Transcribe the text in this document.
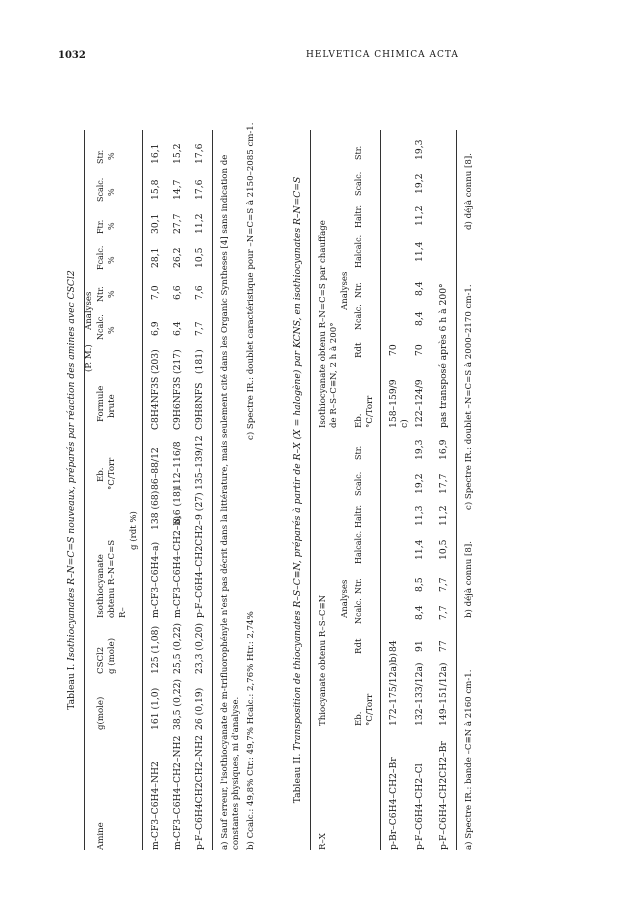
1032	HELVETICA CHIMICA ACTA
Tableau I. Isothiocyanates R–N=C=S nouveaux, préparés par réaction des amines avec CSCl2
Amine
g(mole)
CSCl2 g (mole)
Isothiocyanate obtenu R–N=C=S R–
g (rdt %)
Eb. °C/Torr
Formule brute
(P. M.)
Analyses Ncalc.
Ntr.
Fcalc.
Ftr.
Scalc.
Str.
%
%
%
%
%
%
m-CF3–C6H4–NH2
161 (1,0)
125 (1,08)
m-CF3–C6H4–a)
138 (68)
86–88/12
C8H4NF3S
(203)
6,9
7,0
28,1
30,1
15,8
16,1
m-CF3–C6H4–CH2–NH2
38,5 (0,22)
25,5 (0,22)
m-CF3–C6H4–CH2–b)
8,6 (18)
112–116/8
C9H6NF3S
(217)
6,4
6,6
26,2
27,7
14,7
15,2
p-F–C6H4CH2CH2–NH2
26 (0,19)
23,3 (0,20)
p-F–C6H4–CH2CH2–
9 (27)
135–139/12
C9H8NFS
(181)
7,7
7,6
10,5
11,2
17,6
17,6
a) Sauf erreur, l'isothiocyanate de m-trifluorophényle n'est pas décrit dans la littérature, mais seulement cité dans les Organic Syntheses [4] sans indication de constantes physiques, ni d'analyse. b) Ccalc.: 49,8% Ctr.: 49,7% Hcalc.: 2,76% Htr.: 2,74%
c) Spectre IR.: doublet caractéristique pour –N=C=S à 2150–2085 cm-1.
Tableau II. Transposition de thiocyanates R–S–C≡N, préparés à partir de R–X (X = halogène) par KCNS, en isothiocyanates R–N=C=S
R–X
Thiocyanate obtenu R–S–C≡N
Isothiocyanate obtenu R–N=C=S par chauffage de R–S–C≡N, 2 h à 200°
Analyses
Analyses
Eb. °C/Torr
Rdt
Ncalc.
Ntr.
Halcalc.
Haltr.
Scalc.
Str.
Eb. °C/Torr
Rdt
Ncalc.
Ntr.
Halcalc.
Haltr.
Scalc.
Str.
p-Br–C6H4–CH2–Br
172–175/12a)b)
84
158–159/9 c)
70
p-F–C6H4–CH2–Cl
132–133/12a)
91
8,4
8,5
11,4
11,3
19,2
19,3
122–124/9
70
8,4
8,4
11,4
11,2
19,2
19,3
p-F–C6H4–CH2CH2–Br
149–151/12a)
77
7,7
7,7
10,5
11,2
17,7
16,9
pas transposé après 6 h à 200°
a) Spectre IR.: bande –C≡N à 2160 cm-1.
b) déjà connu [8].
c) Spectre IR.: doublet –N=C=S à 2000–2170 cm-1.
d) déjà connu [8].
